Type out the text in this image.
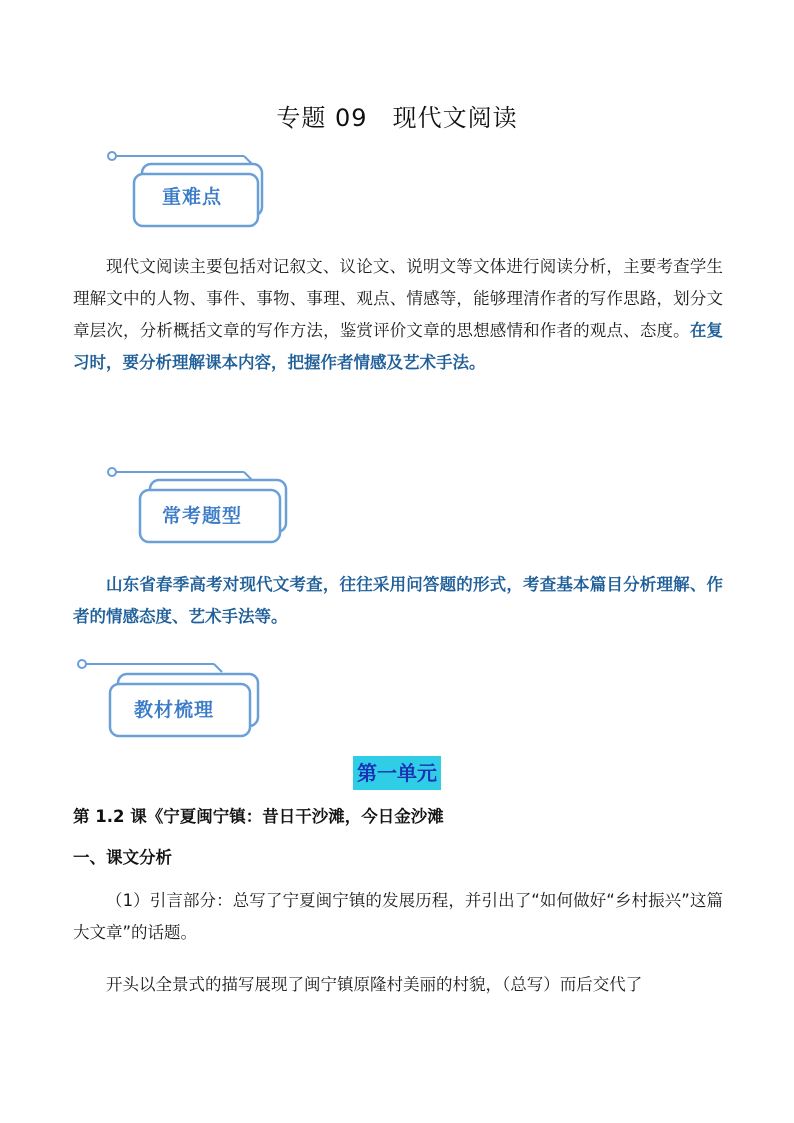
专题 09　现代文阅读
重难点

现代文阅读主要包括对记叙文、议论文、说明文等文体进行阅读分析，主要考查学生理解文中的人物、事件、事物、事理、观点、情感等，能够理清作者的写作思路，划分文章层次，分析概括文章的写作方法，鉴赏评价文章的思想感情和作者的观点、态度。在复习时，要分析理解课本内容，把握作者情感及艺术手法。

常考题型

山东省春季高考对现代文考查，往往采用问答题的形式，考查基本篇目分析理解、作者的情感态度、艺术手法等。

教材梳理
第一单元
第 1.2 课《宁夏闽宁镇：昔日干沙滩，今日金沙滩
一、课文分析

（1）引言部分：总写了宁夏闽宁镇的发展历程，并引出了“如何做好“乡村振兴”这篇大文章”的话题。

开头以全景式的描写展现了闽宁镇原隆村美丽的村貌，（总写）而后交代了
